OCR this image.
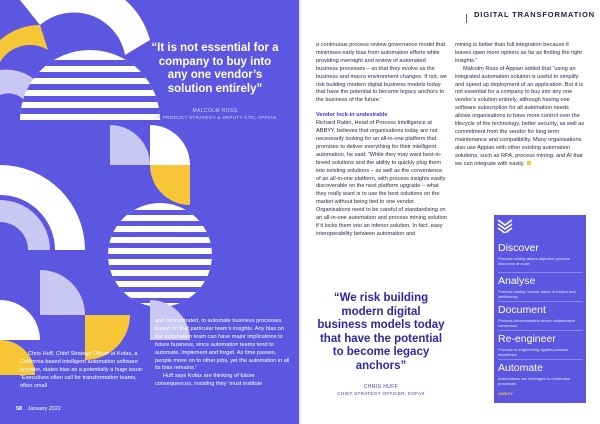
“It is not essential for a company to buy into any one vendor’s solution entirely”

MALCOLM ROSS
VP, PRODUCT STRATEGY & DEPUTY CTO, APPIAN

and concentrated, to automate business processes based on that particular team’s insights. Any bias on the automation team can have major implications to future business, since automation teams tend to automate, implement and forget. As time passes, people move on to other jobs, yet the automation in all its bias remains.”

Huff says Kofax are thinking of future consequences, insisting they ‘must institute

Chris Huff, Chief Strategy Officer at Kofax, a California-based intelligent automation software provider, states bias as a potentially a huge issue: “Executives often call for transformation teams, often small

58 January 2022
DIGITAL TRANSFORMATION

a continuous process review governance model that minimises early bias from automation efforts while providing oversight and review of automated business processes – so that they evolve as the business and macro environment changes. If not, we risk building modern digital business models today that have the potential to become legacy anchors to the business of the future.’

Vendor lock-in undesirable

Richard Rabin, Head of Process Intelligence at ABBYY, believes that organisations today are not necessarily looking for an all-in-one platform that promises to deliver everything for their intelligent automation, he said: “While they may want best-in-breed solutions and the ability to quickly plug them into existing solutions – as well as the convenience of an all-in-one platform, with process insights easily discoverable on the next platform upgrade – what they really want is to use the best solutions on the market without being tied to one vendor. Organisations need to be careful of standardising on an all-in-one automation and process mining solution if it locks them into an inferior solution. In fact, easy interoperability between automation and

mining is better than full integration because it leaves open more options as far as finding the right insights.”

Malcolm Ross of Appian added that “using an integrated automation solution is useful to simplify and speed up deployment of an application. But it is not essential for a company to buy into any one vendor’s solution entirely, although having one software subscription for all automation needs allows organisations to have more control over the lifecycle of the technology, better security, as well as commitment from the vendor for long term maintenance and compatibility. Many organisations also use Appian with other existing automation solutions, such as RPA, process mining, and AI that we can integrate with easily.

“We risk building modern digital business models today that have the potential to become legacy anchors”

CHRIS HUFF
CHIEF STRATEGY OFFICER, KOFAX
Discover
Process mining allows objective process discovery at scale
Analyse
Process mining reveals areas of friction and inefficiency
Document
Process documentation drives collaborative consensus
Re-engineer
Process re-engineering applies process excellence
Automate
Automations are leveraged to modernise processes
ABBYY
